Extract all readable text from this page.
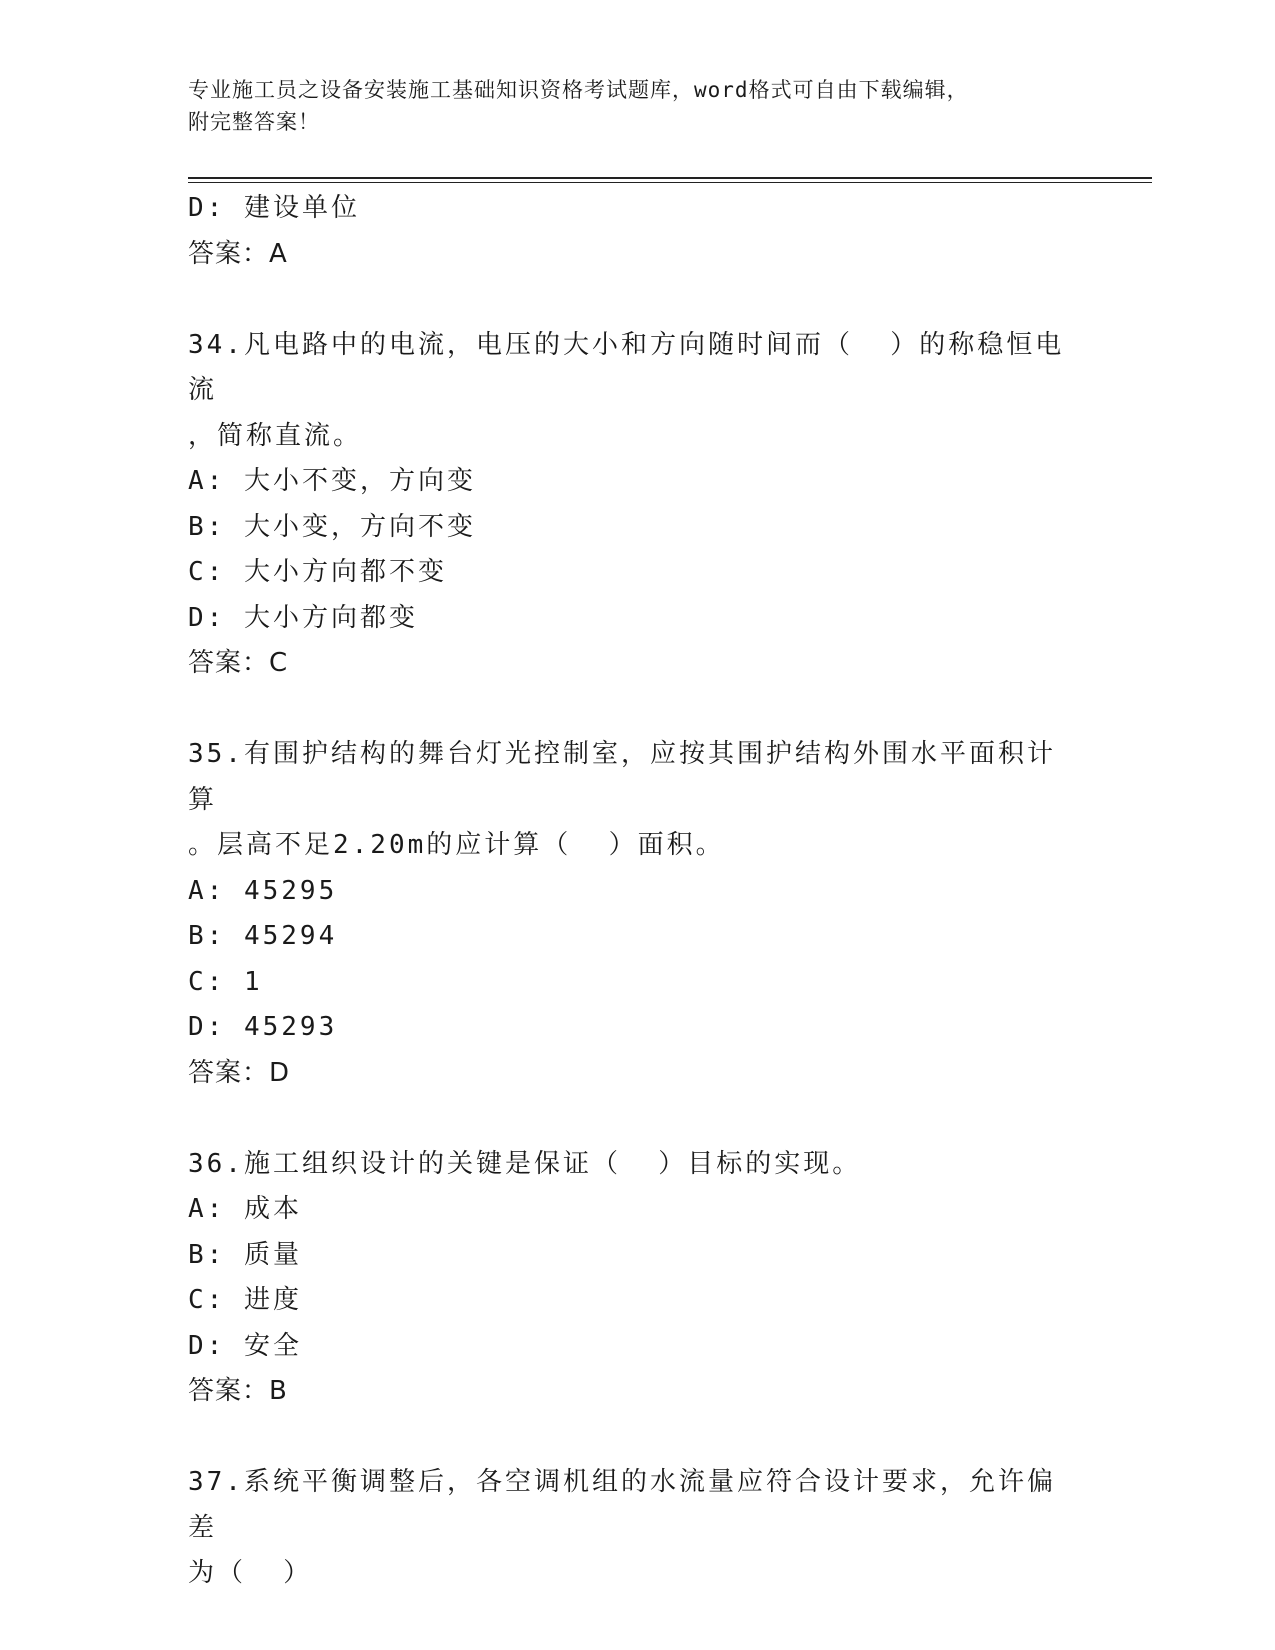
专业施工员之设备安装施工基础知识资格考试题库，word格式可自由下载编辑，
附完整答案！
D: 建设单位
答案：A
34.凡电路中的电流，电压的大小和方向随时间而（  ）的称稳恒电流
，简称直流。
A: 大小不变，方向变
B: 大小变，方向不变
C: 大小方向都不变
D: 大小方向都变
答案：C
35.有围护结构的舞台灯光控制室，应按其围护结构外围水平面积计算
。层高不足2.20m的应计算（  ）面积。
A: 45295
B: 45294
C: 1
D: 45293
答案：D
36.施工组织设计的关键是保证（  ）目标的实现。
A: 成本
B: 质量
C: 进度
D: 安全
答案：B
37.系统平衡调整后，各空调机组的水流量应符合设计要求，允许偏差
为（  ）
